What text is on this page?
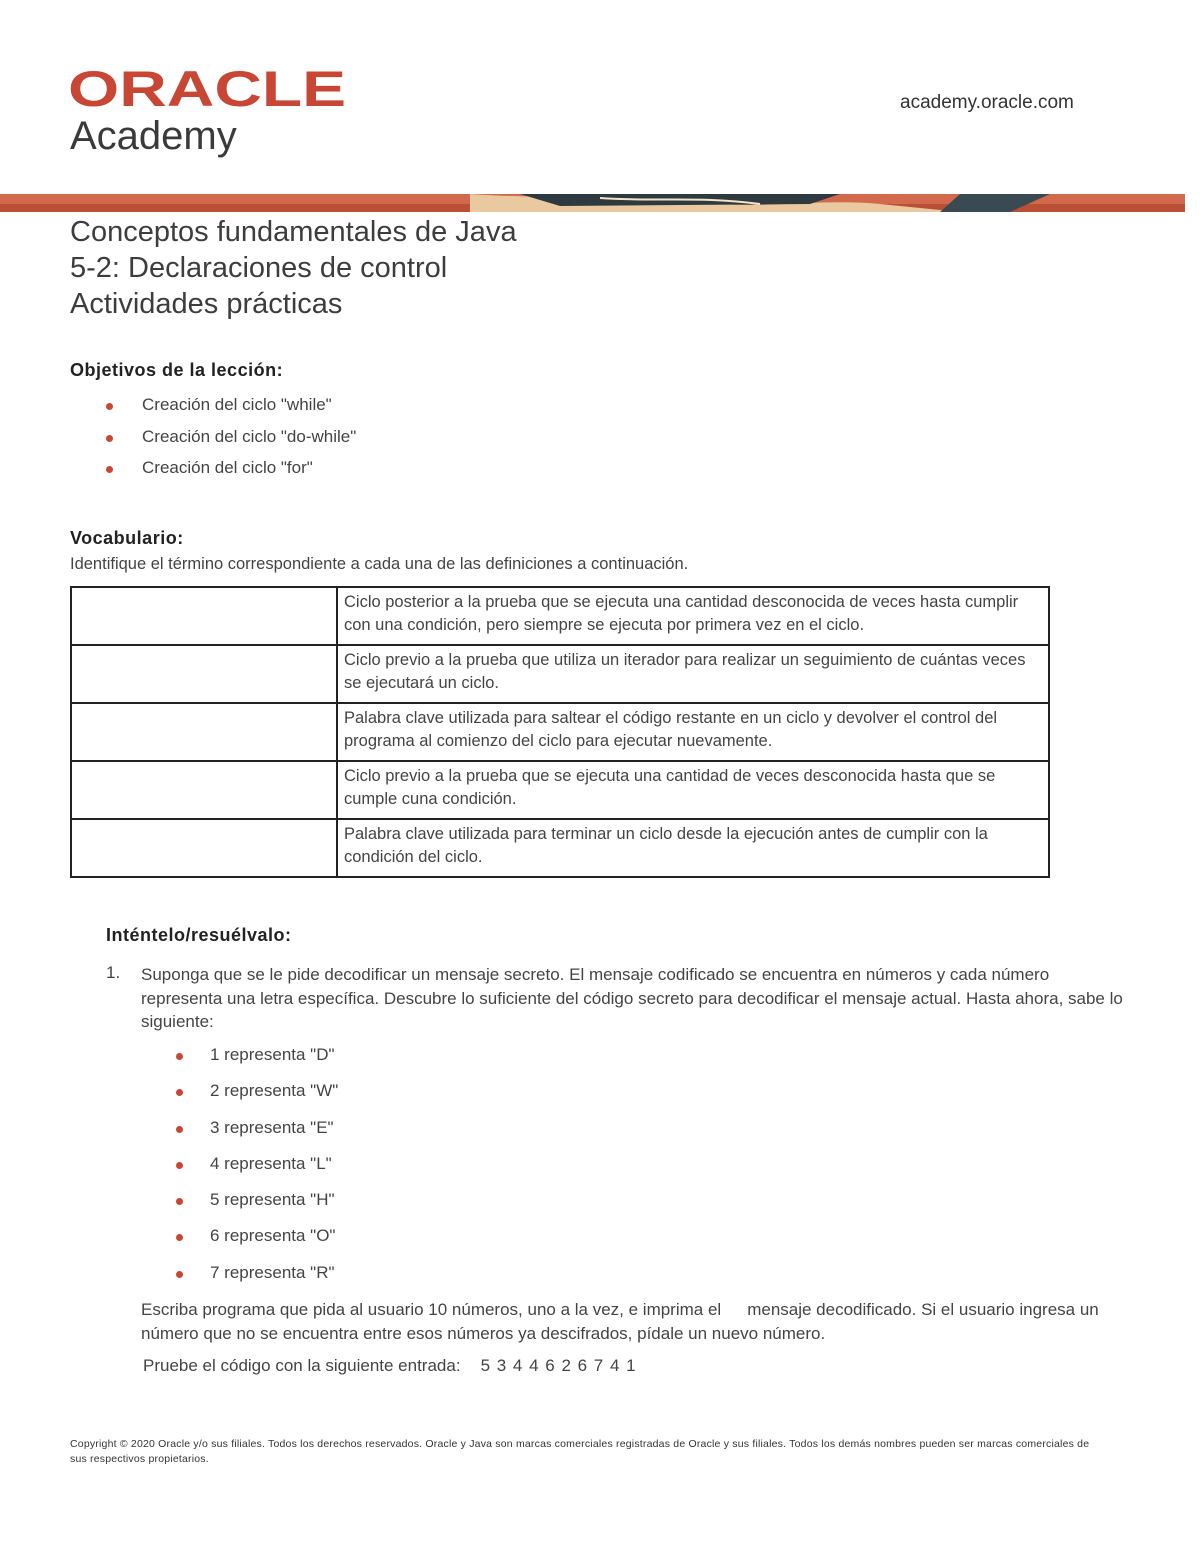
ORACLE
Academy
academy.oracle.com
Conceptos fundamentales de Java
5-2: Declaraciones de control
Actividades prácticas
Objetivos de la lección:
Creación del ciclo "while"
Creación del ciclo "do-while"
Creación del ciclo "for"
Vocabulario:
Identifique el término correspondiente a cada una de las definiciones a continuación.
	Ciclo posterior a la prueba que se ejecuta una cantidad desconocida de veces hasta cumplir con una condición, pero siempre se ejecuta por primera vez en el ciclo.
	Ciclo previo a la prueba que utiliza un iterador para realizar un seguimiento de cuántas veces se ejecutará un ciclo.
	Palabra clave utilizada para saltear el código restante en un ciclo y devolver el control del programa al comienzo del ciclo para ejecutar nuevamente.
	Ciclo previo a la prueba que se ejecuta una cantidad de veces desconocida hasta que se cumple cuna condición.
	Palabra clave utilizada para terminar un ciclo desde la ejecución antes de cumplir con la condición del ciclo.
Inténtelo/resuélvalo:
1. Suponga que se le pide decodificar un mensaje secreto. El mensaje codificado se encuentra en números y cada número representa una letra específica. Descubre lo suficiente del código secreto para decodificar el mensaje actual. Hasta ahora, sabe lo siguiente:
1 representa "D"
2 representa "W"
3 representa "E"
4 representa "L"
5 representa "H"
6 representa "O"
7 representa "R"
Escriba programa que pida al usuario 10 números, uno a la vez, e imprima el mensaje decodificado. Si el usuario ingresa un número que no se encuentra entre esos números ya descifrados, pídale un nuevo número.
Pruebe el código con la siguiente entrada: 5 3 4 4 6 2 6 7 4 1
Copyright © 2020 Oracle y/o sus filiales. Todos los derechos reservados. Oracle y Java son marcas comerciales registradas de Oracle y sus filiales. Todos los demás nombres pueden ser marcas comerciales de sus respectivos propietarios.
